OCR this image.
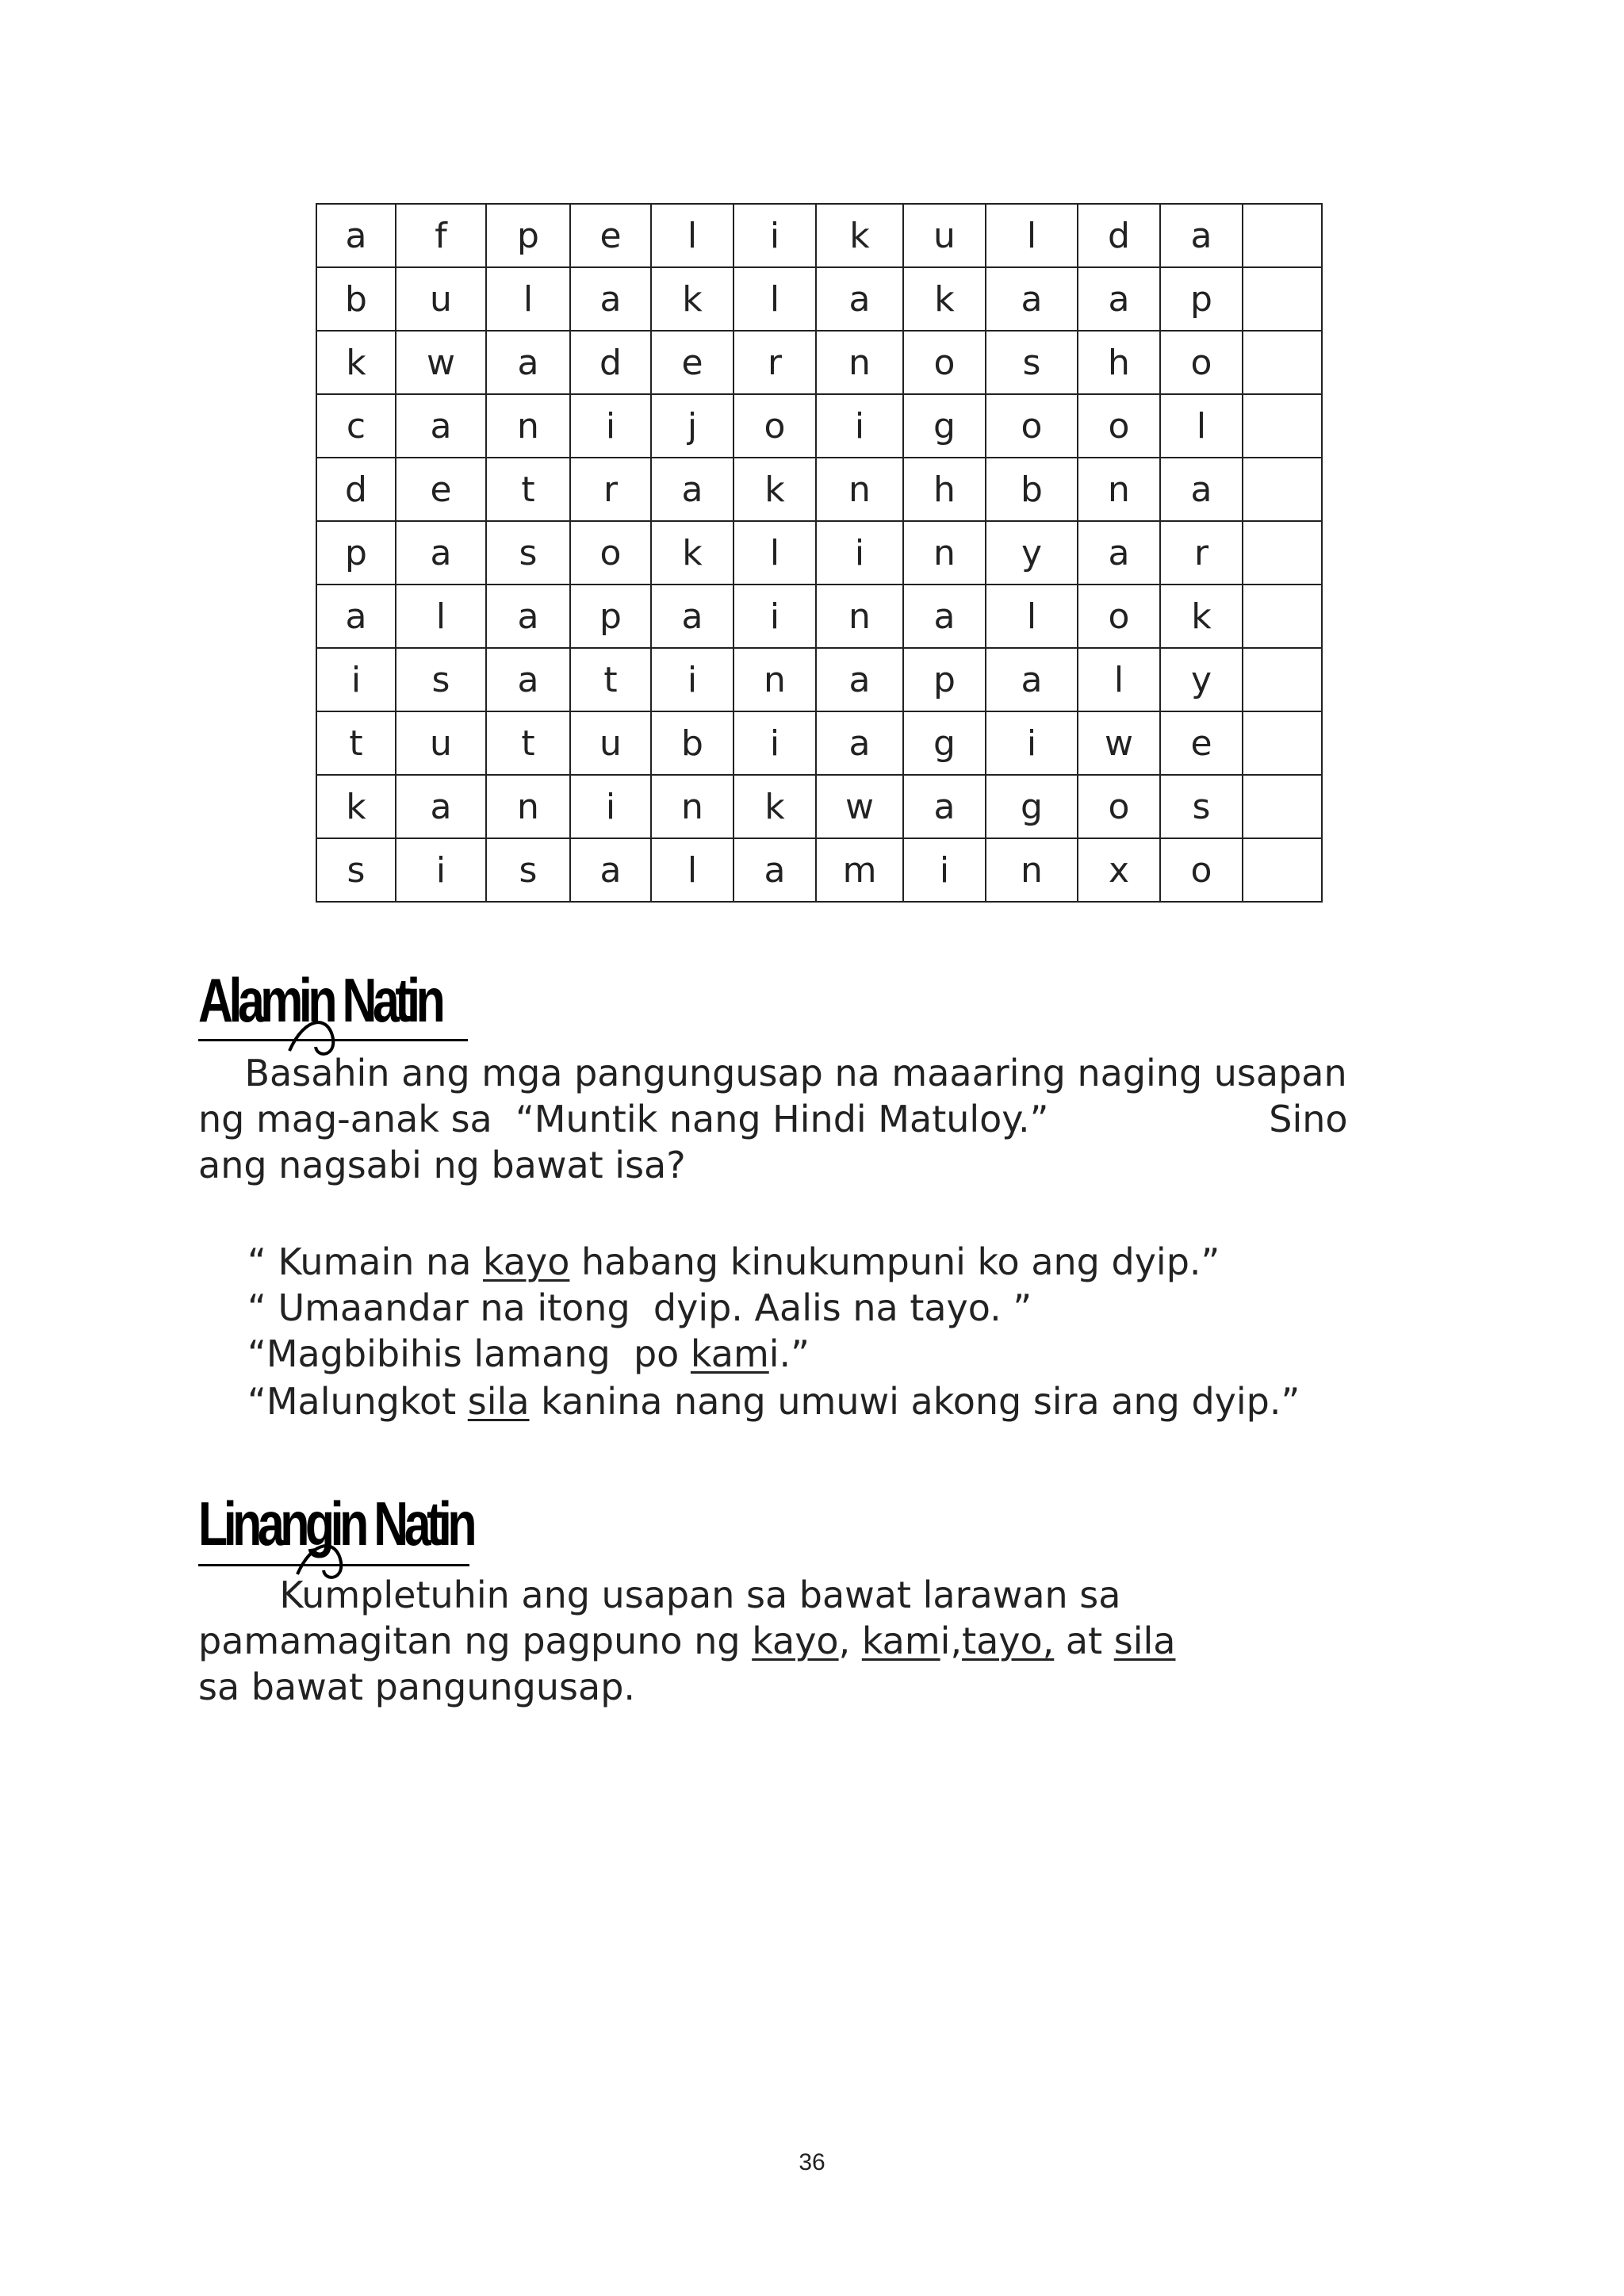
a	f	p	e	l	i	k	u	l	d	a	
b	u	l	a	k	l	a	k	a	a	p	
k	w	a	d	e	r	n	o	s	h	o	
c	a	n	i	j	o	i	g	o	o	l	
d	e	t	r	a	k	n	h	b	n	a	
p	a	s	o	k	l	i	n	y	a	r	
a	l	a	p	a	i	n	a	l	o	k	
i	s	a	t	i	n	a	p	a	l	y	
t	u	t	u	b	i	a	g	i	w	e	
k	a	n	i	n	k	w	a	g	o	s	
s	i	s	a	l	a	m	i	n	x	o	
Alamin Natin
Basahin ang mga pangungusap na maaaring naging usapan
ng mag-anak sa  “Muntik nang Hindi Matuloy.”                   Sino
ang nagsabi ng bawat isa?
“ Kumain na kayo habang kinukumpuni ko ang dyip.”
“ Umaandar na itong  dyip. Aalis na tayo. ”
“Magbibihis lamang  po kami.”
“Malungkot sila kanina nang umuwi akong sira ang dyip.”
Linangin Natin
Kumpletuhin ang usapan sa bawat larawan sa
pamamagitan ng pagpuno ng kayo, kami,tayo, at sila
sa bawat pangungusap.
36
